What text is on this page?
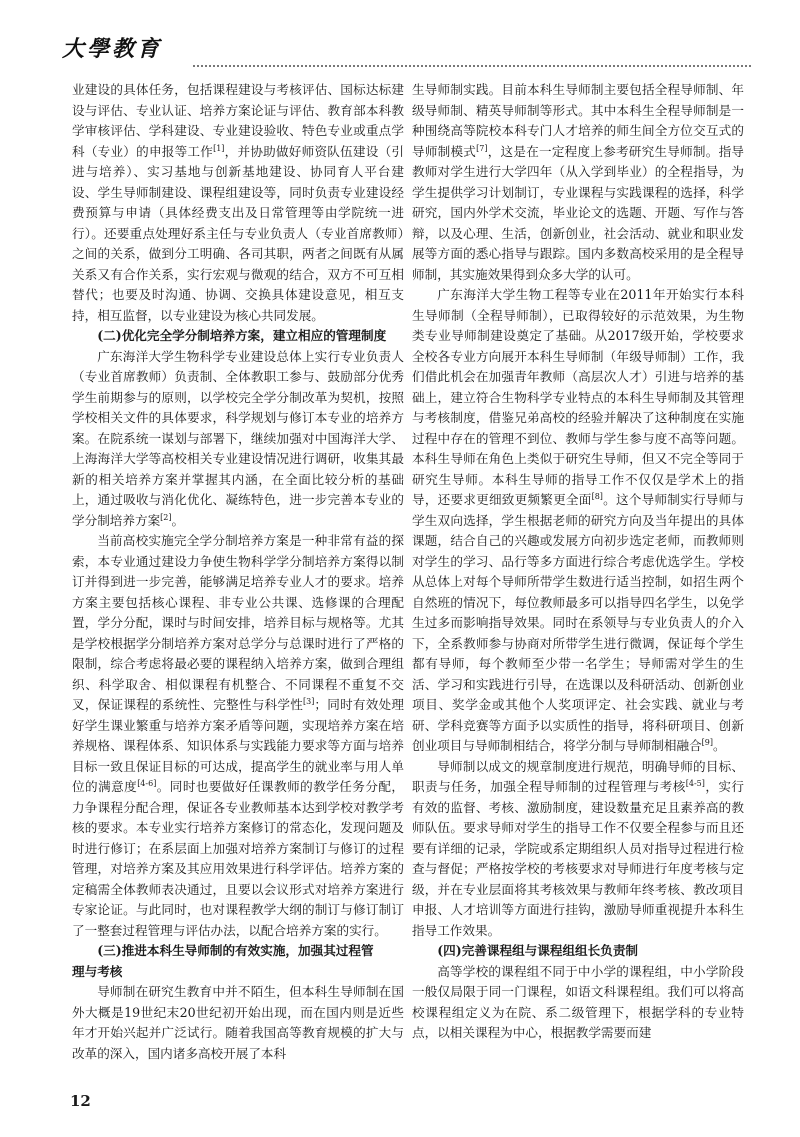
大學教育

业建设的具体任务，包括课程建设与考核评估、国标达标建设与评估、专业认证、培养方案论证与评估、教育部本科教学审核评估、学科建设、专业建设验收、特色专业或重点学科（专业）的申报等工作[1]，并协助做好师资队伍建设（引进与培养）、实习基地与创新基地建设、协同育人平台建设、学生导师制建设、课程组建设等，同时负责专业建设经费预算与申请（具体经费支出及日常管理等由学院统一进行）。还要重点处理好系主任与专业负责人（专业首席教师）之间的关系，做到分工明确、各司其职，两者之间既有从属关系又有合作关系，实行宏观与微观的结合，双方不可互相替代；也要及时沟通、协调、交换具体建设意见，相互支持，相互监督，以专业建设为核心共同发展。

(二)优化完全学分制培养方案，建立相应的管理制度

广东海洋大学生物科学专业建设总体上实行专业负责人（专业首席教师）负责制、全体教职工参与、鼓励部分优秀学生前期参与的原则，以学校完全学分制改革为契机，按照学校相关文件的具体要求，科学规划与修订本专业的培养方案。在院系统一谋划与部署下，继续加强对中国海洋大学、上海海洋大学等高校相关专业建设情况进行调研，收集其最新的相关培养方案并掌握其内涵，在全面比较分析的基础上，通过吸收与消化优化、凝练特色，进一步完善本专业的学分制培养方案[2]。

当前高校实施完全学分制培养方案是一种非常有益的探索，本专业通过建设力争使生物科学学分制培养方案得以制订并得到进一步完善，能够满足培养专业人才的要求。培养方案主要包括核心课程、非专业公共课、选修课的合理配置，学分分配，课时与时间安排，培养目标与规格等。尤其是学校根据学分制培养方案对总学分与总课时进行了严格的限制，综合考虑将最必要的课程纳入培养方案，做到合理组织、科学取舍、相似课程有机整合、不同课程不重复不交叉，保证课程的系统性、完整性与科学性[3]；同时有效处理好学生课业繁重与培养方案矛盾等问题，实现培养方案在培养规格、课程体系、知识体系与实践能力要求等方面与培养目标一致且保证目标的可达成，提高学生的就业率与用人单位的满意度[4-6]。同时也要做好任课教师的教学任务分配，力争课程分配合理，保证各专业教师基本达到学校对教学考核的要求。本专业实行培养方案修订的常态化，发现问题及时进行修订；在系层面上加强对培养方案制订与修订的过程管理，对培养方案及其应用效果进行科学评估。培养方案的定稿需全体教师表决通过，且要以会议形式对培养方案进行专家论证。与此同时，也对课程教学大纲的制订与修订制订了一整套过程管理与评估办法，以配合培养方案的实行。

(三)推进本科生导师制的有效实施，加强其过程管
理与考核

导师制在研究生教育中并不陌生，但本科生导师制在国外大概是19世纪末20世纪初开始出现，而在国内则是近些年才开始兴起并广泛试行。随着我国高等教育规模的扩大与改革的深入，国内诸多高校开展了本科

生导师制实践。目前本科生导师制主要包括全程导师制、年级导师制、精英导师制等形式。其中本科生全程导师制是一种围绕高等院校本科专门人才培养的师生间全方位交互式的导师制模式[7]，这是在一定程度上参考研究生导师制。指导教师对学生进行大学四年（从入学到毕业）的全程指导，为学生提供学习计划制订，专业课程与实践课程的选择，科学研究，国内外学术交流，毕业论文的选题、开题、写作与答辩，以及心理、生活，创新创业，社会活动、就业和职业发展等方面的悉心指导与跟踪。国内多数高校采用的是全程导师制，其实施效果得到众多大学的认可。

广东海洋大学生物工程等专业在2011年开始实行本科生导师制（全程导师制），已取得较好的示范效果，为生物类专业导师制建设奠定了基础。从2017级开始，学校要求全校各专业方向展开本科生导师制（年级导师制）工作，我们借此机会在加强青年教师（高层次人才）引进与培养的基础上，建立符合生物科学专业特点的本科生导师制及其管理与考核制度，借鉴兄弟高校的经验并解决了这种制度在实施过程中存在的管理不到位、教师与学生参与度不高等问题。本科生导师在角色上类似于研究生导师，但又不完全等同于研究生导师。本科生导师的指导工作不仅仅是学术上的指导，还要求更细致更频繁更全面[8]。这个导师制实行导师与学生双向选择，学生根据老师的研究方向及当年提出的具体课题，结合自己的兴趣或发展方向初步选定老师，而教师则对学生的学习、品行等多方面进行综合考虑优选学生。学校从总体上对每个导师所带学生数进行适当控制，如招生两个自然班的情况下，每位教师最多可以指导四名学生，以免学生过多而影响指导效果。同时在系领导与专业负责人的介入下，全系教师参与协商对所带学生进行微调，保证每个学生都有导师，每个教师至少带一名学生；导师需对学生的生活、学习和实践进行引导，在选课以及科研活动、创新创业项目、奖学金或其他个人奖项评定、社会实践、就业与考研、学科竞赛等方面予以实质性的指导，将科研项目、创新创业项目与导师制相结合，将学分制与导师制相融合[9]。

导师制以成文的规章制度进行规范，明确导师的目标、职责与任务，加强全程导师制的过程管理与考核[4-5]，实行有效的监督、考核、激励制度，建设数量充足且素养高的教师队伍。要求导师对学生的指导工作不仅要全程参与而且还要有详细的记录，学院或系定期组织人员对指导过程进行检查与督促；严格按学校的考核要求对导师进行年度考核与定级，并在专业层面将其考核效果与教师年终考核、教改项目申报、人才培训等方面进行挂钩，激励导师重视提升本科生指导工作效果。

(四)完善课程组与课程组组长负责制

高等学校的课程组不同于中小学的课程组，中小学阶段一般仅局限于同一门课程，如语文科课程组。我们可以将高校课程组定义为在院、系二级管理下，根据学科的专业特点，以相关课程为中心，根据教学需要而建

12
